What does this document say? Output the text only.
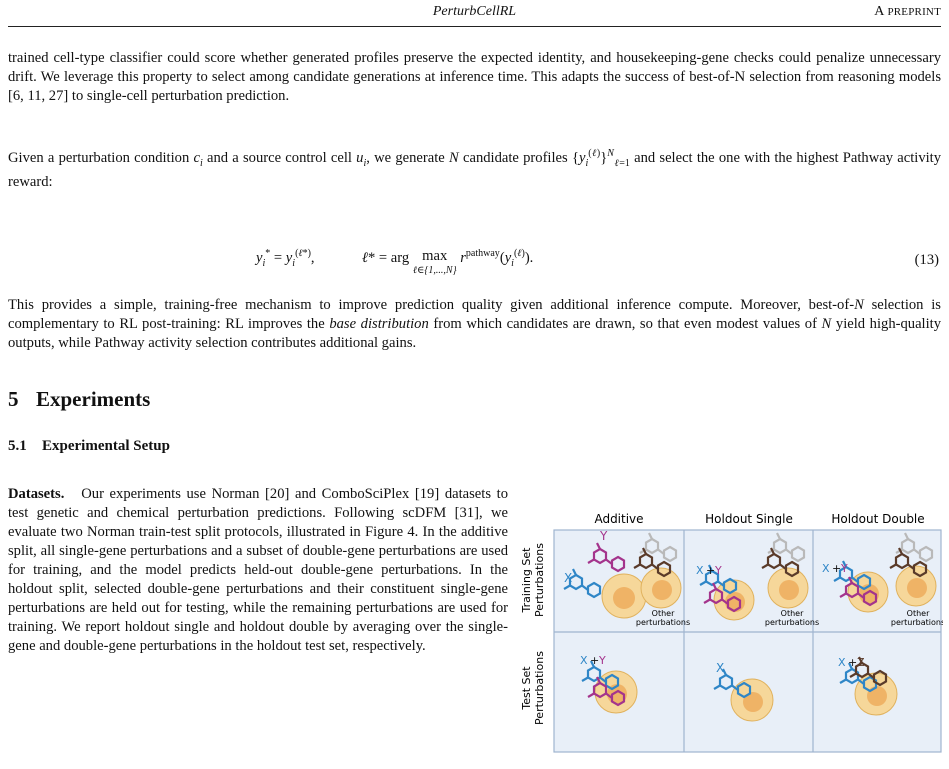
PerturbCellRL	A PREPRINT
trained cell-type classifier could score whether generated profiles preserve the expected identity, and housekeeping-gene checks could penalize unnecessary drift. We leverage this property to select among candidate generations at inference time. This adapts the success of best-of-N selection from reasoning models [6, 11, 27] to single-cell perturbation prediction.
Given a perturbation condition $c_i$ and a source control cell $u_i$, we generate N candidate profiles $\{y_i^{(\ell)}\}^N_{\ell=1}$ and select the one with the highest Pathway activity reward:
$y_i^* = y_i^{(\ell*)}$,	ℓ* = arg max
$^{\ell\in\{1,...,N\}}$ $r^{pathway}(y_i^{(\ell)})$.	(13)
This provides a simple, training-free mechanism to improve prediction quality given additional inference compute. Moreover, best-of-N selection is complementary to RL post-training: RL improves the base distribution from which candidates are drawn, so that even modest values of N yield high-quality outputs, while Pathway activity selection contributes additional gains.
5 Experiments
5.1 Experimental Setup
Datasets. Our experiments use Norman [20] and ComboSciPlex [19] datasets to test genetic and chemical perturbation predictions. Following scDFM [31], we evaluate two Norman train-test split protocols, illustrated in Figure 4. In the additive split, all single-gene perturbations and a subset of double-gene perturbations are used for training, and the model predicts held-out double-gene perturbations. In the holdout split, selected double-gene perturbations and their constituent single-gene perturbations are held out for testing, while the remaining perturbations are used for training. We report holdout single and holdout double by averaging over the single-gene and double-gene perturbations in the holdout test set, respectively.
Additive	Holdout Single	Holdout Double
Training Set Perturbations
Test Set Perturbations
X
Y
Other
perturbations
X + Y
Other
perturbations
X + Y
Other
perturbations
X + Y
X	X + Z
